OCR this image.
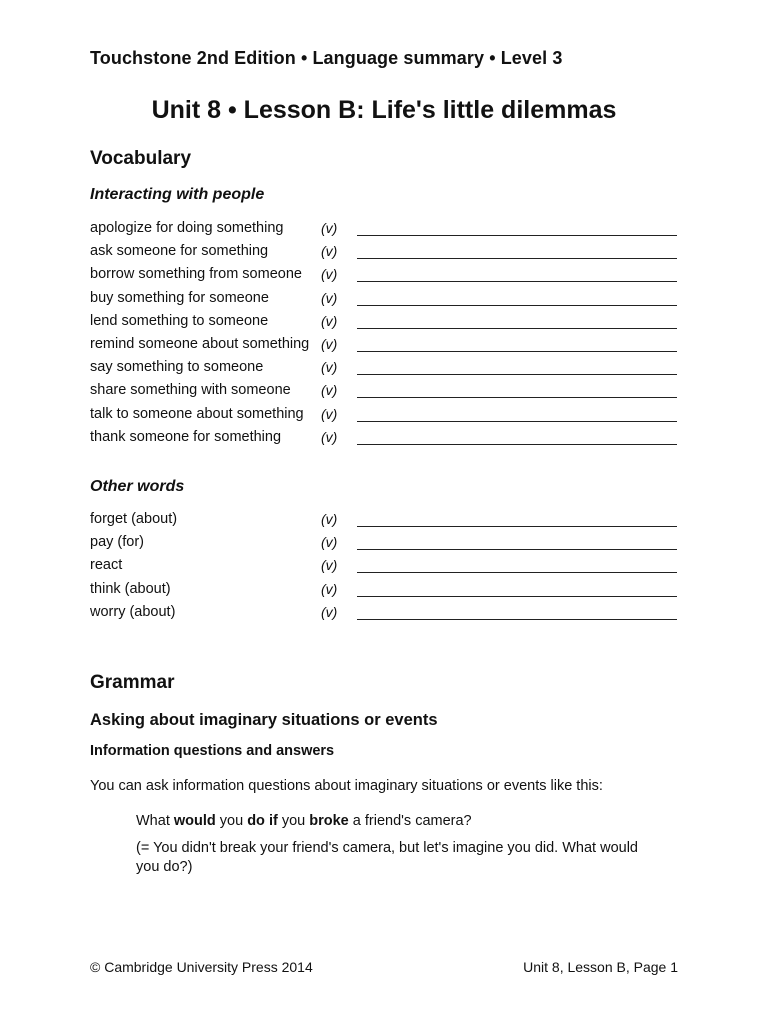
Touchstone 2nd Edition • Language summary • Level 3
Unit 8 • Lesson B: Life's little dilemmas
Vocabulary
Interacting with people
apologize for doing something	(v)
ask someone for something	(v)
borrow something from someone (v)
buy something for someone	(v)
lend something to someone	(v)
remind someone about something (v)
say something to someone	(v)
share something with someone (v)
talk to someone about something (v)
thank someone for something	(v)
Other words
forget (about)	(v)
pay (for)	(v)
react	(v)
think (about)	(v)
worry (about)	(v)
Grammar
Asking about imaginary situations or events
Information questions and answers
You can ask information questions about imaginary situations or events like this:
What would you do if you broke a friend's camera?
(= You didn't break your friend's camera, but let's imagine you did. What would you do?)
© Cambridge University Press 2014	Unit 8, Lesson B, Page 1
